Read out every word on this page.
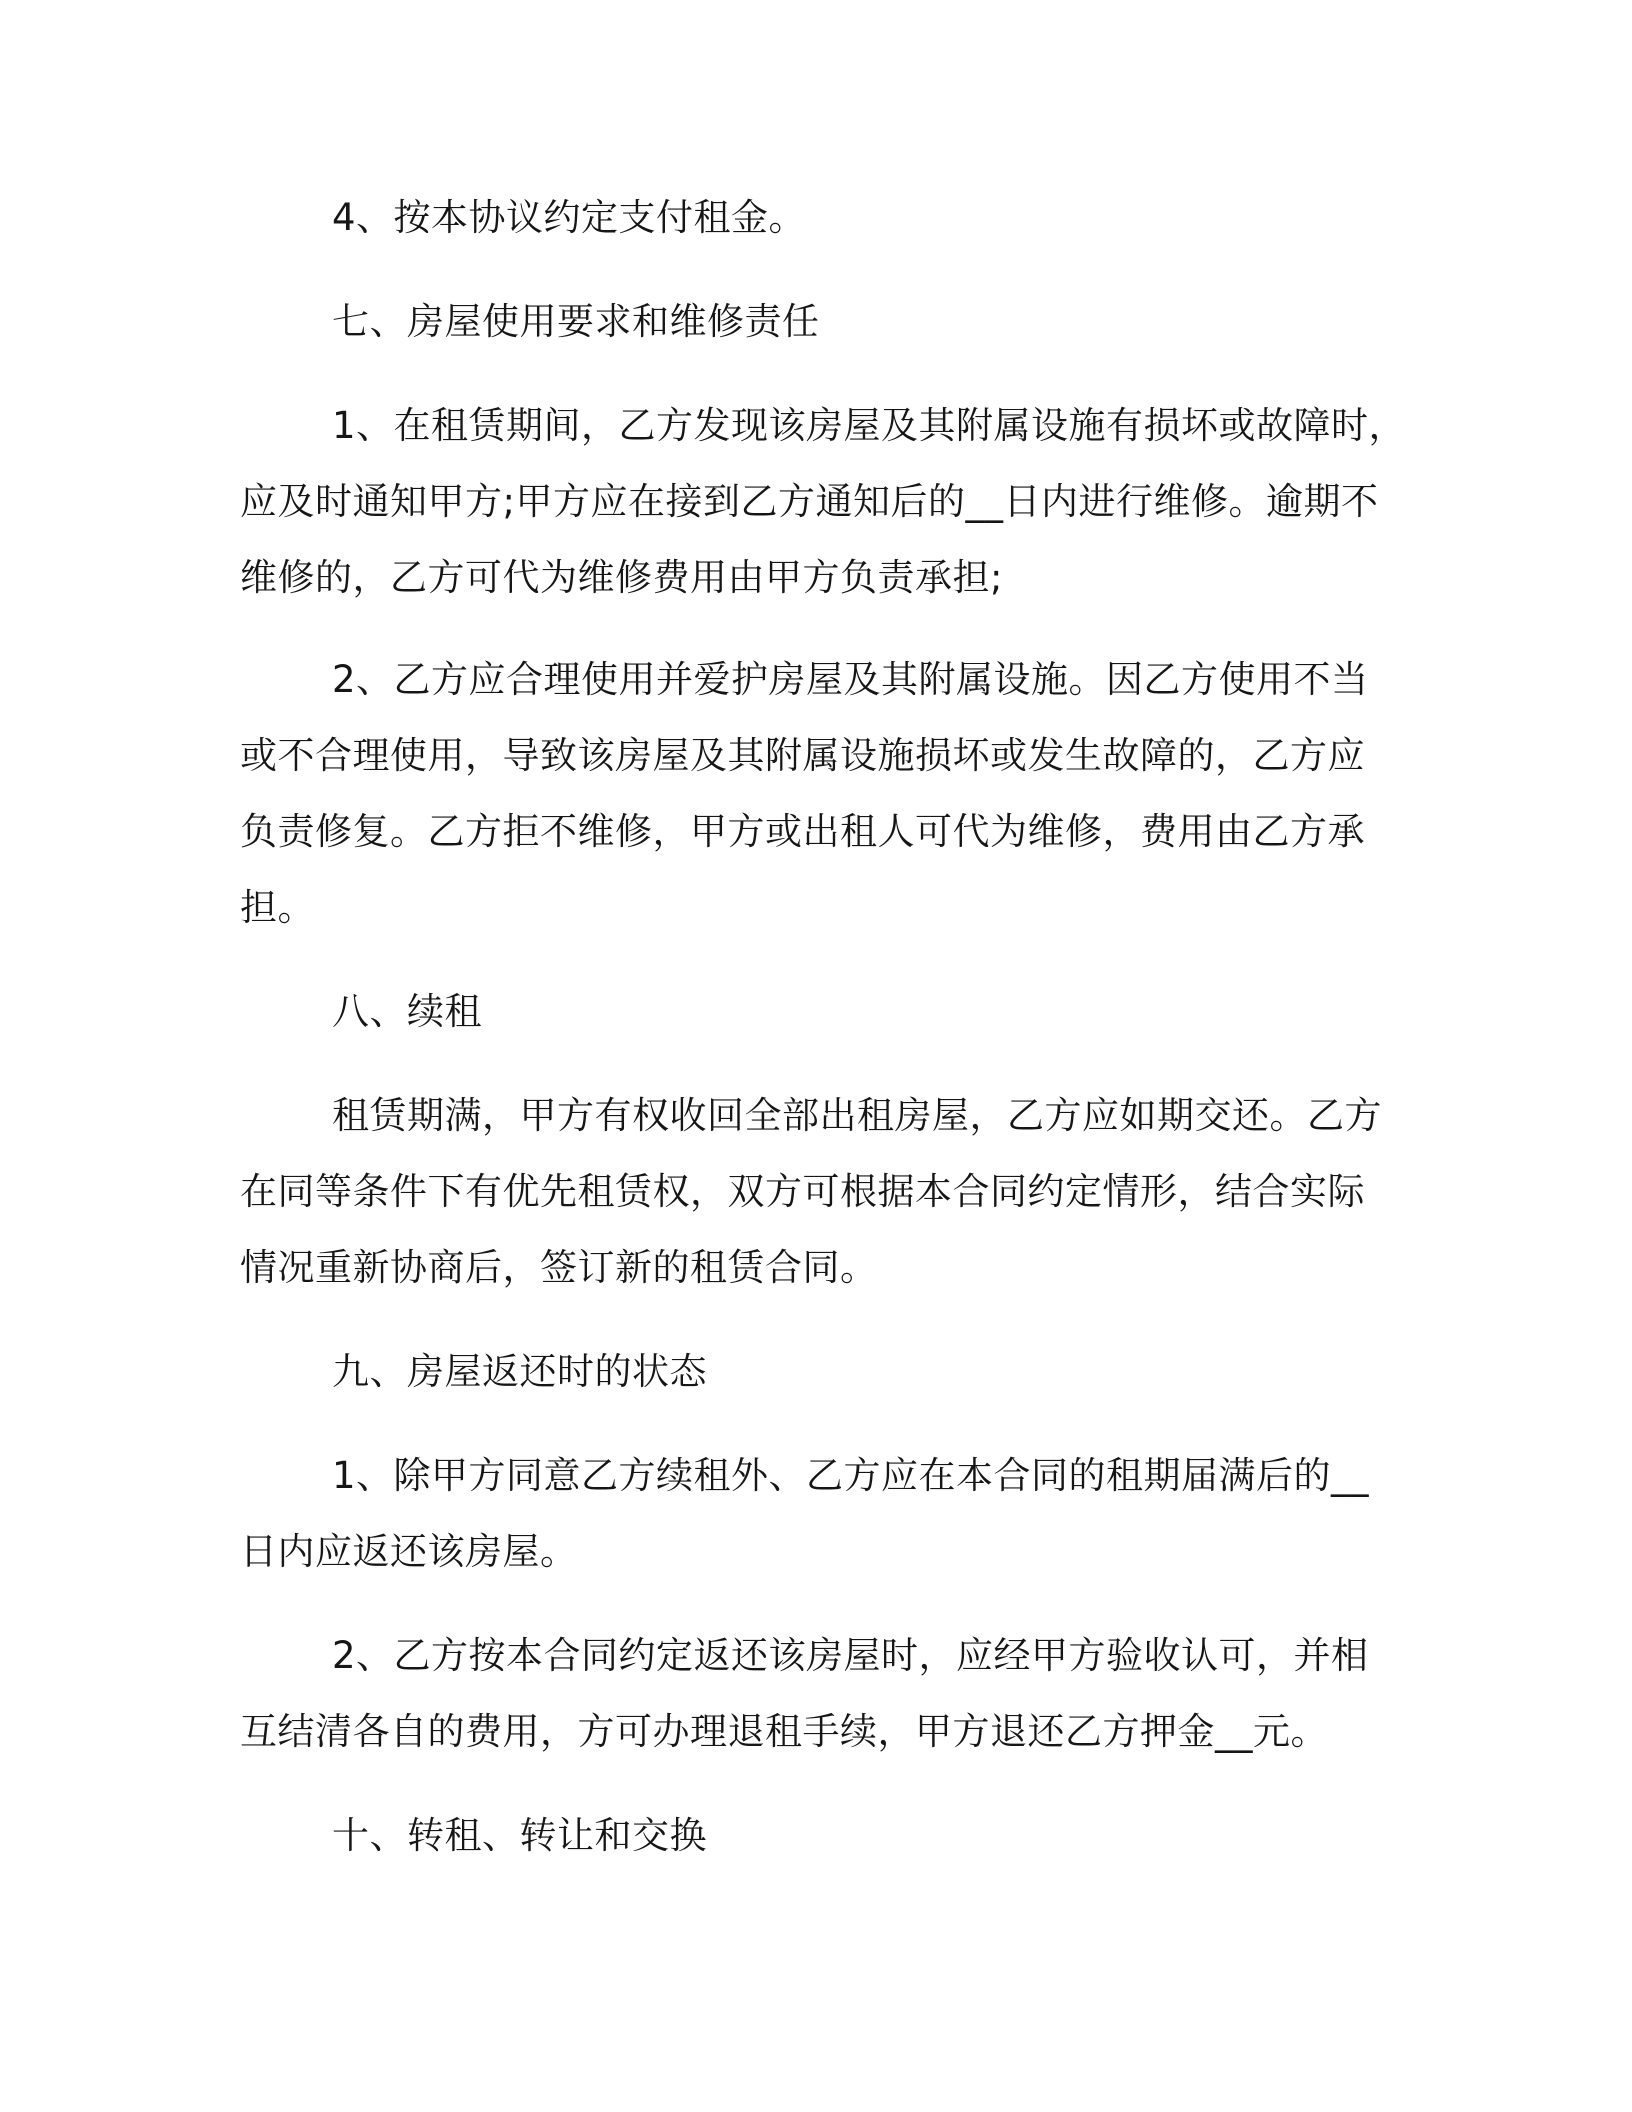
4、按本协议约定支付租金。
七、房屋使用要求和维修责任
1、在租赁期间，乙方发现该房屋及其附属设施有损坏或故障时，
应及时通知甲方;甲方应在接到乙方通知后的__日内进行维修。逾期不
维修的，乙方可代为维修费用由甲方负责承担;
2、乙方应合理使用并爱护房屋及其附属设施。因乙方使用不当
或不合理使用，导致该房屋及其附属设施损坏或发生故障的，乙方应
负责修复。乙方拒不维修，甲方或出租人可代为维修，费用由乙方承
担。
八、续租
租赁期满，甲方有权收回全部出租房屋，乙方应如期交还。乙方
在同等条件下有优先租赁权，双方可根据本合同约定情形，结合实际
情况重新协商后，签订新的租赁合同。
九、房屋返还时的状态
1、除甲方同意乙方续租外、乙方应在本合同的租期届满后的__
日内应返还该房屋。
2、乙方按本合同约定返还该房屋时，应经甲方验收认可，并相
互结清各自的费用，方可办理退租手续，甲方退还乙方押金__元。
十、转租、转让和交换
